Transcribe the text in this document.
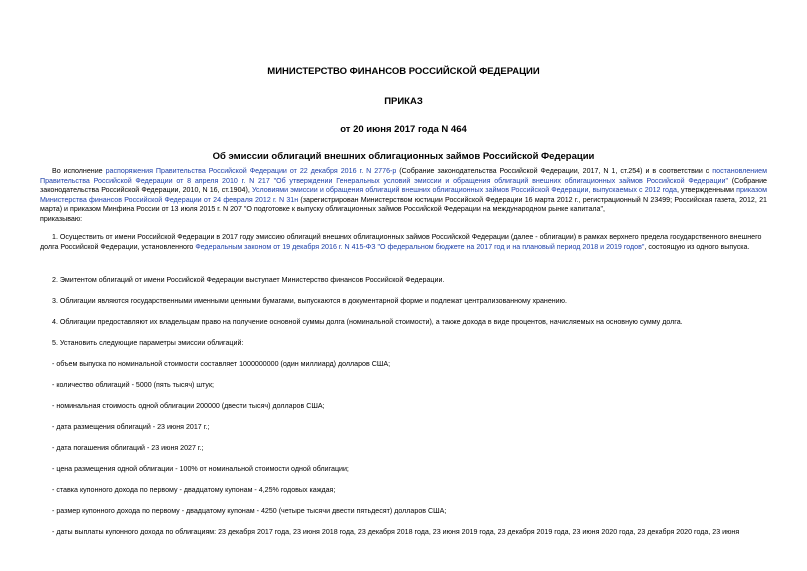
МИНИСТЕРСТВО ФИНАНСОВ РОССИЙСКОЙ ФЕДЕРАЦИИ
ПРИКАЗ
от 20 июня 2017 года N 464
Об эмиссии облигаций внешних облигационных займов Российской Федерации
Во исполнение распоряжения Правительства Российской Федерации от 22 декабря 2016 г. N 2776-р (Собрание законодательства Российской Федерации, 2017, N 1, ст.254) и в соответствии с постановлением Правительства Российской Федерации от 8 апреля 2010 г. N 217 "Об утверждении Генеральных условий эмиссии и обращения облигаций внешних облигационных займов Российской Федерации" (Собрание законодательства Российской Федерации, 2010, N 16, ст.1904), Условиями эмиссии и обращения облигаций внешних облигационных займов Российской Федерации, выпускаемых с 2012 года, утвержденными приказом Министерства финансов Российской Федерации от 24 февраля 2012 г. N 31н (зарегистрирован Министерством юстиции Российской Федерации 16 марта 2012 г., регистрационный N 23499; Российская газета, 2012, 21 марта) и приказом Минфина России от 13 июля 2015 г. N 207 "О подготовке к выпуску облигационных займов Российской Федерации на международном рынке капитала",
приказываю:
1. Осуществить от имени Российской Федерации в 2017 году эмиссию облигаций внешних облигационных займов Российской Федерации (далее - облигации) в рамках верхнего предела государственного внешнего долга Российской Федерации, установленного Федеральным законом от 19 декабря 2016 г. N 415-ФЗ "О федеральном бюджете на 2017 год и на плановый период 2018 и 2019 годов", состоящую из одного выпуска.
2. Эмитентом облигаций от имени Российской Федерации выступает Министерство финансов Российской Федерации.
3. Облигации являются государственными именными ценными бумагами, выпускаются в документарной форме и подлежат централизованному хранению.
4. Облигации предоставляют их владельцам право на получение основной суммы долга (номинальной стоимости), а также дохода в виде процентов, начисляемых на основную сумму долга.
5. Установить следующие параметры эмиссии облигаций:
- объем выпуска по номинальной стоимости составляет 1000000000 (один миллиард) долларов США;
- количество облигаций - 5000 (пять тысяч) штук;
- номинальная стоимость одной облигации 200000 (двести тысяч) долларов США;
- дата размещения облигаций - 23 июня 2017 г.;
- дата погашения облигаций - 23 июня 2027 г.;
- цена размещения одной облигации - 100% от номинальной стоимости одной облигации;
- ставка купонного дохода по первому - двадцатому купонам - 4,25% годовых каждая;
- размер купонного дохода по первому - двадцатому купонам - 4250 (четыре тысячи двести пятьдесят) долларов США;
- даты выплаты купонного дохода по облигациям: 23 декабря 2017 года, 23 июня 2018 года, 23 декабря 2018 года, 23 июня 2019 года, 23 декабря 2019 года, 23 июня 2020 года, 23 декабря 2020 года, 23 июня
